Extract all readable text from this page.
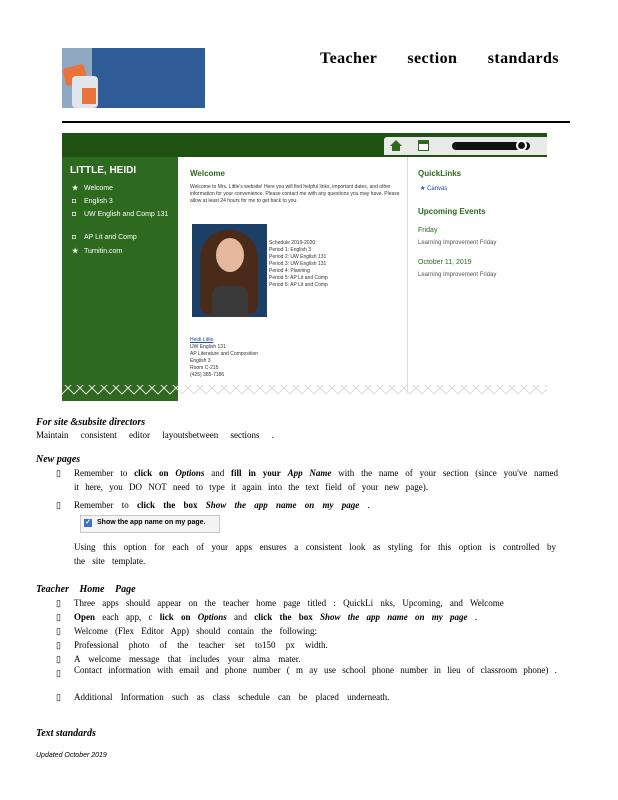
Teacher section standards
LITTLE, HEIDI
★ Welcome
◘ English 3
◘ UW English and Comp 131
◘ AP Lit and Comp
★ Turnitin.com
Welcome
Welcome to Mrs. Little's website! Here you will find helpful links, important dates, and other information for your convenience. Please contact me with any questions you may have. Please allow at least 24 hours for me to get back to you.
Schedule 2019-2020:
Period 1: English 3
Period 2: UW English 131
Period 3: UW English 131
Period 4: Planning
Period 5: AP Lit and Comp
Period 6: AP Lit and Comp
Heidi Little
UW English 131
AP Literature and Composition
English 3
Room C-215
(425) 385-7186
QuickLinks
★ Canvas
Upcoming Events
Friday
Learning Improvement Friday
October 11, 2019
Learning Improvement Friday
For site &subsite directors
Maintain consistent editor layoutsbetween sections .
New pages
▯ Remember to click on Options and fill in your App Name with the name of your section (since you've named it here, you DO NOT need to type it again into the text field of your new page).
▯ Remember to click the box Show the app name on my page .
✓ Show the app name on my page.
Using this option for each of your apps ensures a consistent look as styling for this option is controlled by the site template.
Teacher Home Page
▯ Three apps should appear on the teacher home page titled : QuickLi nks, Upcoming, and Welcome
▯ Open each app, c lick on Options and click the box Show the app name on my page .
▯ Welcome (Flex Editor App) should contain the following:
▯ Professional photo of the teacher set to150 px width.
▯ A welcome message that includes your alma mater.
▯ Contact information with email and phone number ( m ay use school phone number in lieu of classroom phone) .
▯ Additional Information such as class schedule can be placed underneath.
Text standards
Updated October 2019
